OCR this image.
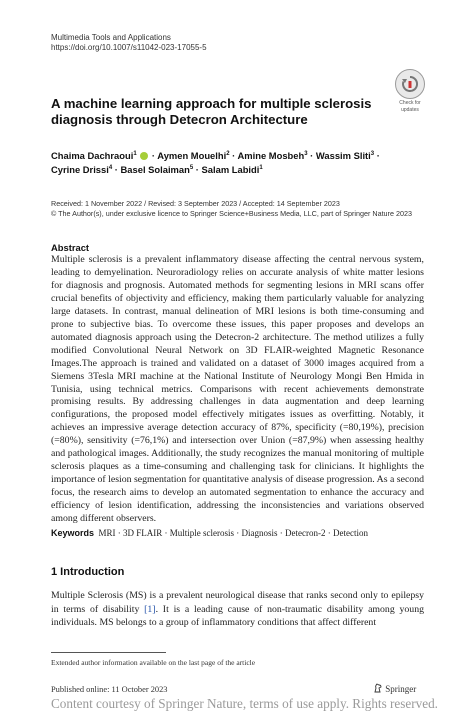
Multimedia Tools and Applications
https://doi.org/10.1007/s11042-023-17055-5
Check for
updates
A machine learning approach for multiple sclerosis diagnosis through Detecron Architecture
Chaima Dachraoui$^1$  · Aymen Mouelhi$^2$ · Amine Mosbeh$^3$ · Wassim Sliti$^3$ ·
Cyrine Drissi$^4$ · Basel Solaiman$^5$ · Salam Labidi$^1$
Received: 1 November 2022 / Revised: 3 September 2023 / Accepted: 14 September 2023
© The Author(s), under exclusive licence to Springer Science+Business Media, LLC, part of Springer Nature 2023
Abstract

Multiple sclerosis is a prevalent inflammatory disease affecting the central nervous system, leading to demyelination. Neuroradiology relies on accurate analysis of white matter lesions for diagnosis and prognosis. Automated methods for segmenting lesions in MRI scans offer crucial benefits of objectivity and efficiency, making them particularly valuable for analyzing large datasets. In contrast, manual delineation of MRI lesions is both time-consuming and prone to subjective bias. To overcome these issues, this paper proposes and develops an automated diagnosis approach using the Detecron-2 architecture. The method utilizes a fully modified Convolutional Neural Network on 3D FLAIR-weighted Magnetic Resonance Images.The approach is trained and validated on a dataset of 3000 images acquired from a Siemens 3Tesla MRI machine at the National Institute of Neurology Mongi Ben Hmida in Tunisia, using technical metrics. Comparisons with recent achievements demonstrate promising results. By addressing challenges in data augmentation and deep learning configurations, the proposed model effectively mitigates issues as overfitting. Notably, it achieves an impressive average detection accuracy of 87%, specificity (=80,19%), precision (=80%), sensitivity (=76,1%) and intersection over Union (=87,9%) when assessing healthy and pathological images. Additionally, the study recognizes the manual monitoring of multiple sclerosis plaques as a time-consuming and challenging task for clinicians. It highlights the importance of lesion segmentation for quantitative analysis of disease progression. As a second focus, the research aims to develop an automated segmentation to enhance the accuracy and efficiency of lesion identification, addressing the inconsistencies and variations observed among different observers.

Keywords MRI · 3D FLAIR · Multiple sclerosis · Diagnosis · Detecron-2 · Detection
1 Introduction

Multiple Sclerosis (MS) is a prevalent neurological disease that ranks second only to epilepsy in terms of disability [1]. It is a leading cause of non-traumatic disability among young individuals. MS belongs to a group of inflammatory conditions that affect different

Extended author information available on the last page of the article
Published online: 11 October 2023	Springer
Content courtesy of Springer Nature, terms of use apply. Rights reserved.
